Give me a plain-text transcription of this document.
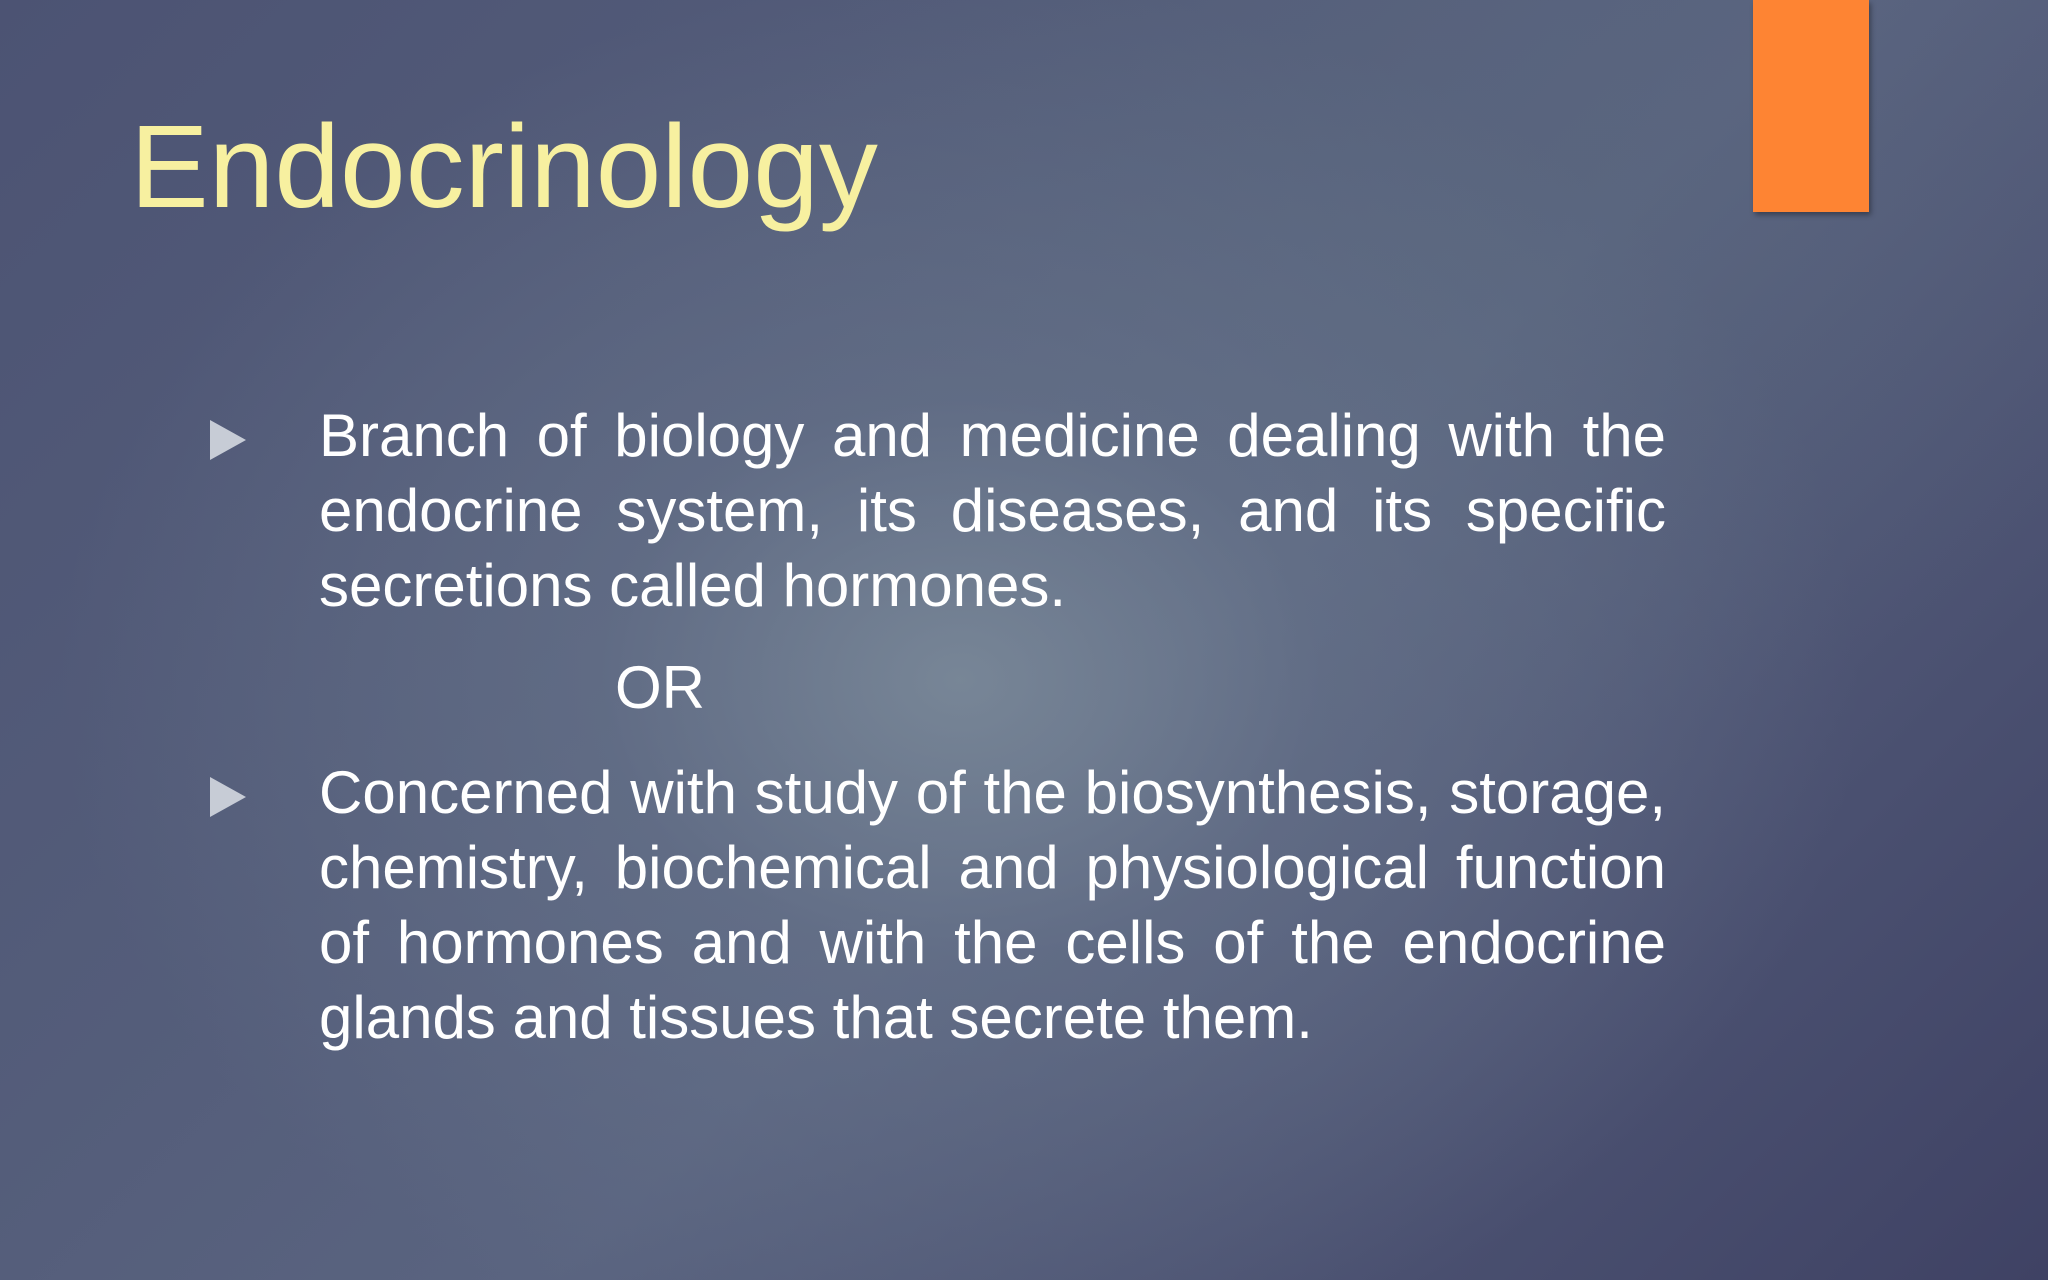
Endocrinology
Branch of biology and medicine dealing with the endocrine system, its diseases, and its specific secretions called hormones.
OR
Concerned with study of the biosynthesis, storage, chemistry, biochemical and physiological function of hormones and with the cells of the endocrine glands and tissues that secrete them.
